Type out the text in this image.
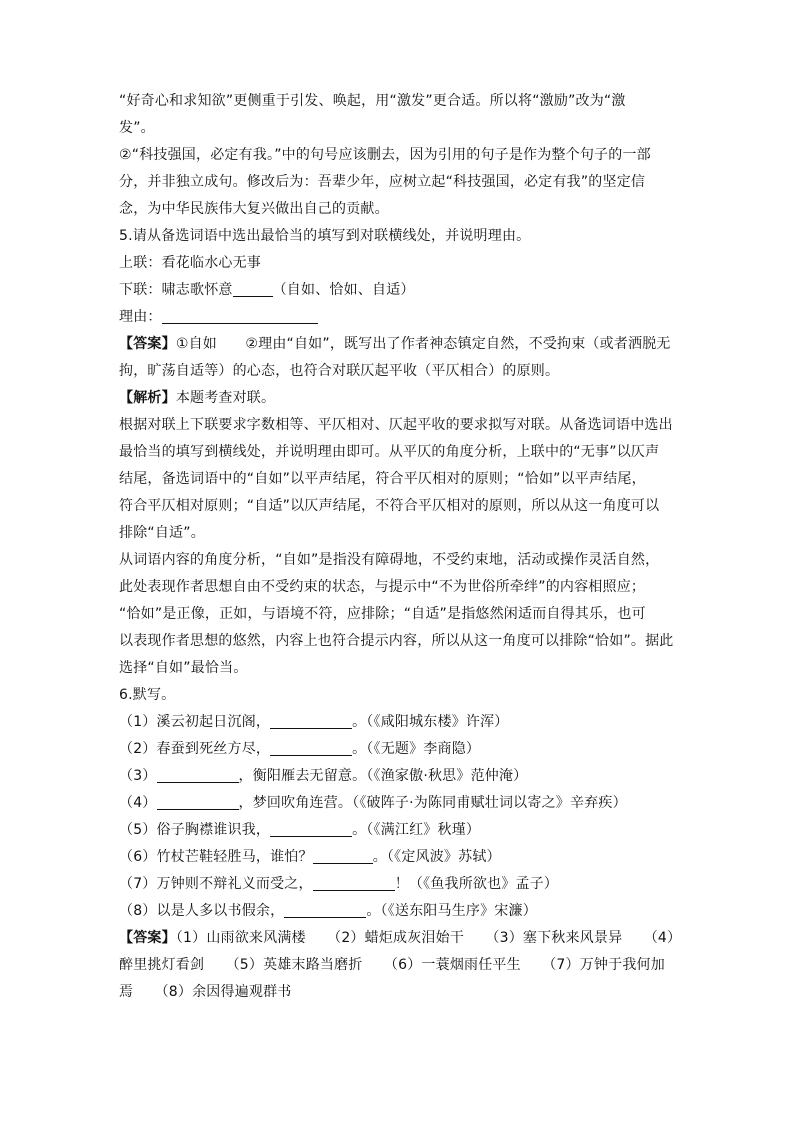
“好奇心和求知欲”更侧重于引发、唤起，用“激发”更合适。所以将“激励”改为“激
发”。
②“科技强国，必定有我。”中的句号应该删去，因为引用的句子是作为整个句子的一部
分，并非独立成句。修改后为：吾辈少年，应树立起“科技强国，必定有我”的坚定信
念，为中华民族伟大复兴做出自己的贡献。
5.请从备选词语中选出最恰当的填写到对联横线处，并说明理由。
上联：看花临水心无事
下联：啸志歌怀意	（自如、恰如、自适）
理由：
【答案】①自如　　②理由“自如”，既写出了作者神态镇定自然，不受拘束（或者洒脱无
拘，旷荡自适等）的心态，也符合对联仄起平收（平仄相合）的原则。
【解析】本题考查对联。
根据对联上下联要求字数相等、平仄相对、仄起平收的要求拟写对联。从备选词语中选出
最恰当的填写到横线处，并说明理由即可。从平仄的角度分析，上联中的“无事”以仄声
结尾，备选词语中的“自如”以平声结尾，符合平仄相对的原则；“恰如”以平声结尾，
符合平仄相对原则；“自适”以仄声结尾，不符合平仄相对的原则，所以从这一角度可以
排除“自适”。
从词语内容的角度分析，“自如”是指没有障碍地，不受约束地，活动或操作灵活自然，
此处表现作者思想自由不受约束的状态，与提示中“不为世俗所牵绊”的内容相照应；
“恰如”是正像，正如，与语境不符，应排除；“自适”是指悠然闲适而自得其乐，也可
以表现作者思想的悠然，内容上也符合提示内容，所以从这一角度可以排除“恰如”。据此
选择“自如”最恰当。
6.默写。
（1）溪云初起日沉阁，	。（《咸阳城东楼》许浑）
（2）春蚕到死丝方尽，	。（《无题》李商隐）
（3）	，衡阳雁去无留意。（《渔家傲·秋思》范仲淹）
（4）	，梦回吹角连营。（《破阵子·为陈同甫赋壮词以寄之》辛弃疾）
（5）俗子胸襟谁识我，	。（《满江红》秋瑾）
（6）竹杖芒鞋轻胜马，谁怕？	。（《定风波》苏轼）
（7）万钟则不辩礼义而受之，	！（《鱼我所欲也》孟子）
（8）以是人多以书假余，	。（《送东阳马生序》宋濂）
【答案】（1）山雨欲来风满楼　　（2）蜡炬成灰泪始干　　（3）塞下秋来风景异　　（4）
醉里挑灯看剑　　（5）英雄末路当磨折　　（6）一蓑烟雨任平生　　（7）万钟于我何加
焉　　（8）余因得遍观群书
